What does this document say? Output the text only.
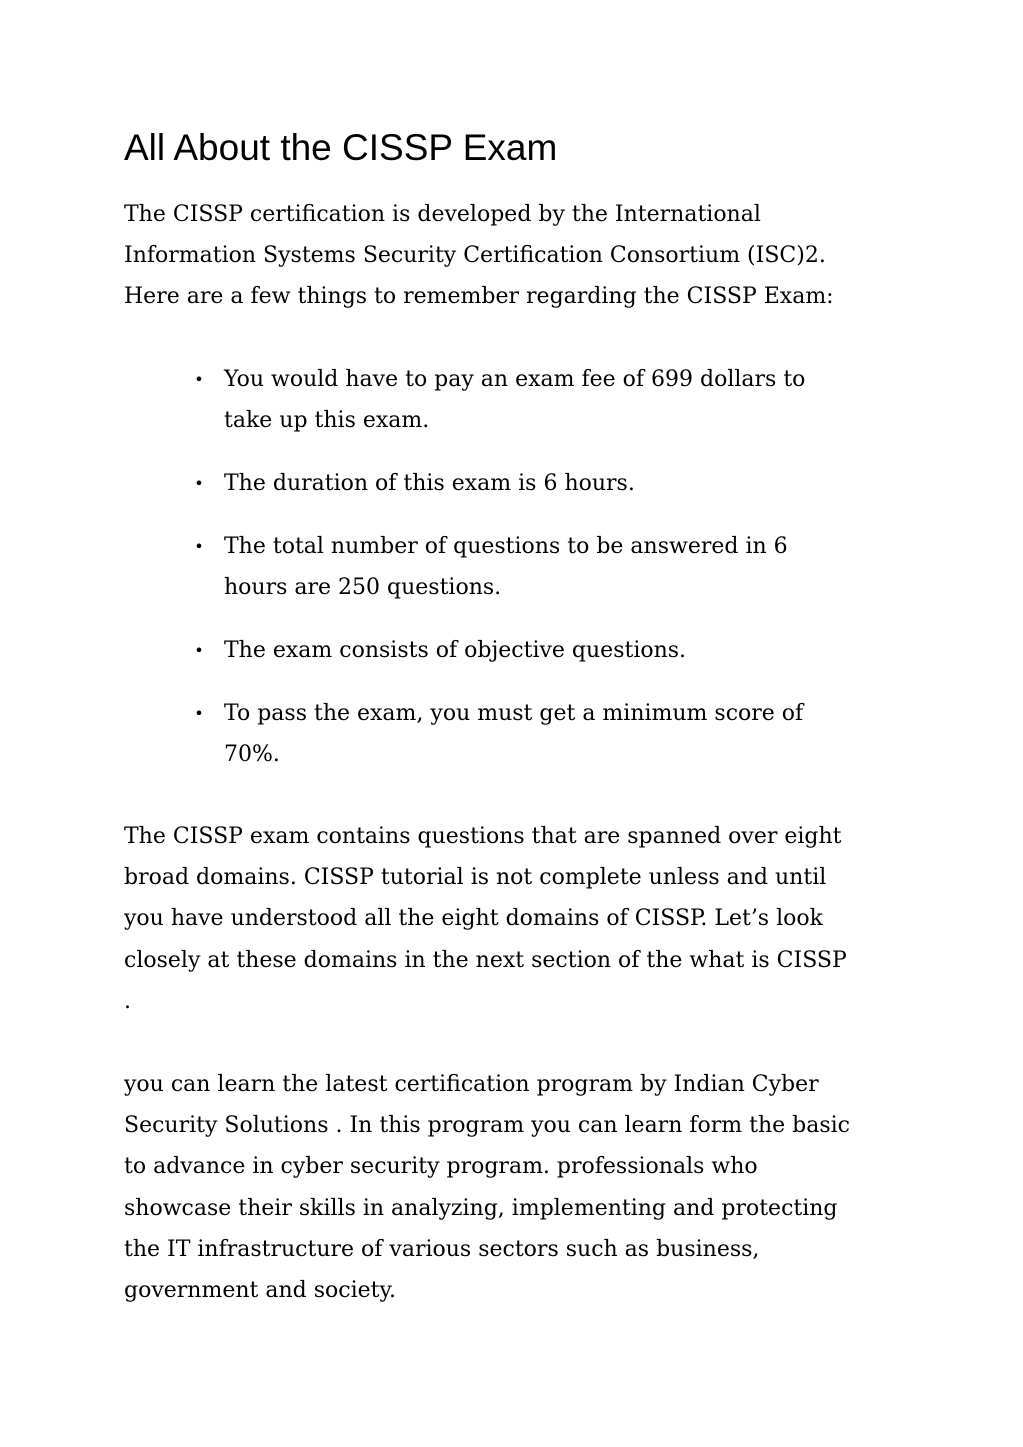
All About the CISSP Exam

The CISSP certification is developed by the International
Information Systems Security Certification Consortium (ISC)2.
Here are a few things to remember regarding the CISSP Exam:

• You would have to pay an exam fee of 699 dollars to
take up this exam.
• The duration of this exam is 6 hours.
• The total number of questions to be answered in 6
hours are 250 questions.
• The exam consists of objective questions.
• To pass the exam, you must get a minimum score of
70%.

The CISSP exam contains questions that are spanned over eight
broad domains. CISSP tutorial is not complete unless and until
you have understood all the eight domains of CISSP. Let’s look
closely at these domains in the next section of the what is CISSP
.

you can learn the latest certification program by Indian Cyber
Security Solutions . In this program you can learn form the basic
to advance in cyber security program. professionals who
showcase their skills in analyzing, implementing and protecting
the IT infrastructure of various sectors such as business,
government and society.
